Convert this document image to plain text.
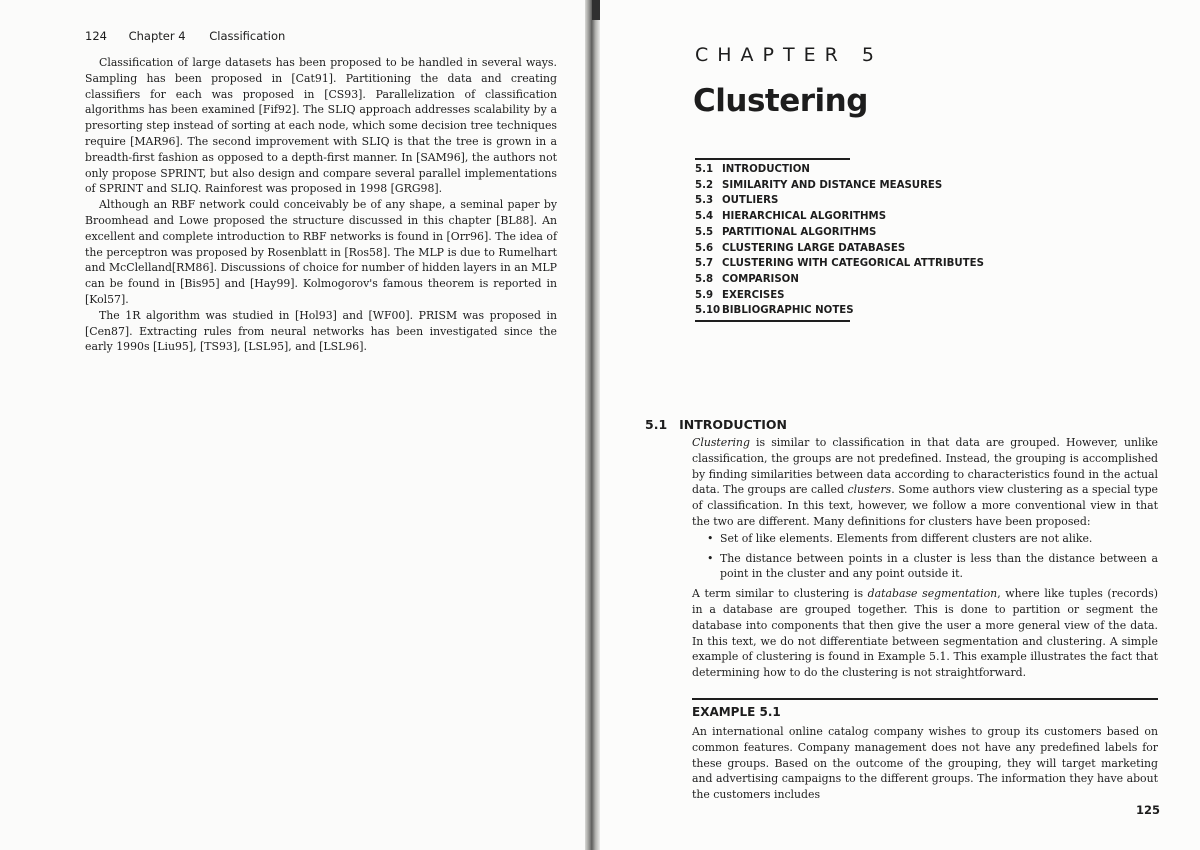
124 Chapter 4 Classification

Classification of large datasets has been proposed to be handled in several ways. Sampling has been proposed in [Cat91]. Partitioning the data and creating classifiers for each was proposed in [CS93]. Parallelization of classification algorithms has been examined [Fif92]. The SLIQ approach addresses scalability by a presorting step instead of sorting at each node, which some decision tree techniques require [MAR96]. The second improvement with SLIQ is that the tree is grown in a breadth-first fashion as opposed to a depth-first manner. In [SAM96], the authors not only propose SPRINT, but also design and compare several parallel implementations of SPRINT and SLIQ. Rainforest was proposed in 1998 [GRG98].

Although an RBF network could conceivably be of any shape, a seminal paper by Broomhead and Lowe proposed the structure discussed in this chapter [BL88]. An excellent and complete introduction to RBF networks is found in [Orr96]. The idea of the perceptron was proposed by Rosenblatt in [Ros58]. The MLP is due to Rumelhart and McClelland[RM86]. Discussions of choice for number of hidden layers in an MLP can be found in [Bis95] and [Hay99]. Kolmogorov's famous theorem is reported in [Kol57].

The 1R algorithm was studied in [Hol93] and [WF00]. PRISM was proposed in [Cen87]. Extracting rules from neural networks has been investigated since the early 1990s [Liu95], [TS93], [LSL95], and [LSL96].

CHAPTER 5
Clustering
5.1 INTRODUCTION
5.2 SIMILARITY AND DISTANCE MEASURES
5.3 OUTLIERS
5.4 HIERARCHICAL ALGORITHMS
5.5 PARTITIONAL ALGORITHMS
5.6 CLUSTERING LARGE DATABASES
5.7 CLUSTERING WITH CATEGORICAL ATTRIBUTES
5.8 COMPARISON
5.9 EXERCISES
5.10 BIBLIOGRAPHIC NOTES
5.1 INTRODUCTION

Clustering is similar to classification in that data are grouped. However, unlike classification, the groups are not predefined. Instead, the grouping is accomplished by finding similarities between data according to characteristics found in the actual data. The groups are called clusters. Some authors view clustering as a special type of classification. In this text, however, we follow a more conventional view in that the two are different. Many definitions for clusters have been proposed:

• Set of like elements. Elements from different clusters are not alike.
• The distance between points in a cluster is less than the distance between a point in the cluster and any point outside it.

A term similar to clustering is database segmentation, where like tuples (records) in a database are grouped together. This is done to partition or segment the database into components that then give the user a more general view of the data. In this text, we do not differentiate between segmentation and clustering. A simple example of clustering is found in Example 5.1. This example illustrates the fact that determining how to do the clustering is not straightforward.

EXAMPLE 5.1

An international online catalog company wishes to group its customers based on common features. Company management does not have any predefined labels for these groups. Based on the outcome of the grouping, they will target marketing and advertising campaigns to the different groups. The information they have about the customers includes

125
